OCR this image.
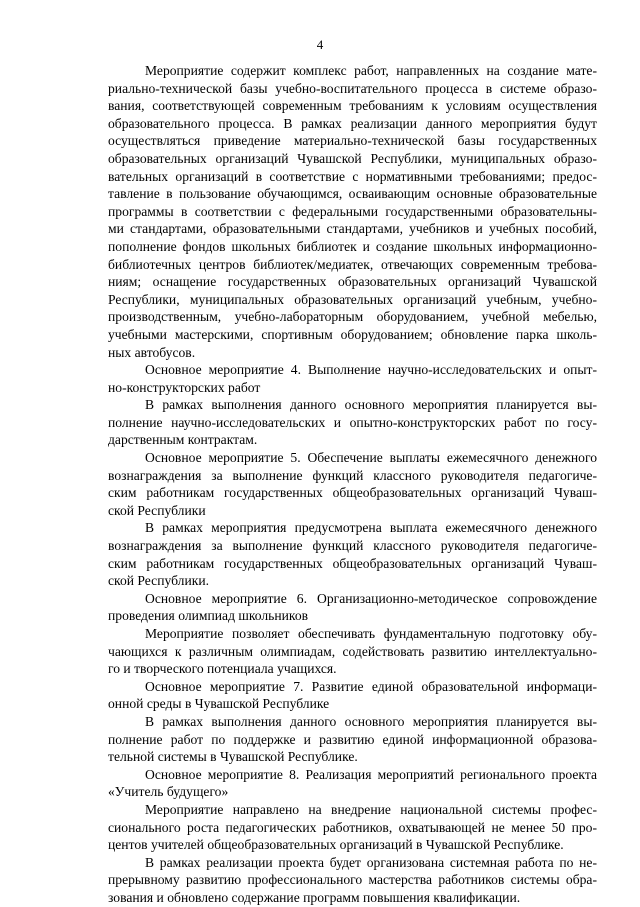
4
Мероприятие содержит комплекс работ, направленных на создание мате-
риально-технической базы учебно-воспитательного процесса в системе образо-
вания, соответствующей современным требованиям к условиям осуществления
образовательного процесса. В рамках реализации данного мероприятия будут
осуществляться приведение материально-технической базы государственных
образовательных организаций Чувашской Республики, муниципальных образо-
вательных организаций в соответствие с нормативными требованиями; предос-
тавление в пользование обучающимся, осваивающим основные образовательные
программы в соответствии с федеральными государственными образовательны-
ми стандартами, образовательными стандартами, учебников и учебных пособий,
пополнение фондов школьных библиотек и создание школьных информационно-
библиотечных центров библиотек/медиатек, отвечающих современным требова-
ниям; оснащение государственных образовательных организаций Чувашской
Республики, муниципальных образовательных организаций учебным, учебно-
производственным, учебно-лабораторным оборудованием, учебной мебелью,
учебными мастерскими, спортивным оборудованием; обновление парка школь-
ных автобусов.
Основное мероприятие 4. Выполнение научно-исследовательских и опыт-
но-конструкторских работ
В рамках выполнения данного основного мероприятия планируется вы-
полнение научно-исследовательских и опытно-конструкторских работ по госу-
дарственным контрактам.
Основное мероприятие 5. Обеспечение выплаты ежемесячного денежного
вознаграждения за выполнение функций классного руководителя педагогиче-
ским работникам государственных общеобразовательных организаций Чуваш-
ской Республики
В рамках мероприятия предусмотрена выплата ежемесячного денежного
вознаграждения за выполнение функций классного руководителя педагогиче-
ским работникам государственных общеобразовательных организаций Чуваш-
ской Республики.
Основное мероприятие 6. Организационно-методическое сопровождение
проведения олимпиад школьников
Мероприятие позволяет обеспечивать фундаментальную подготовку обу-
чающихся к различным олимпиадам, содействовать развитию интеллектуально-
го и творческого потенциала учащихся.
Основное мероприятие 7. Развитие единой образовательной информаци-
онной среды в Чувашской Республике
В рамках выполнения данного основного мероприятия планируется вы-
полнение работ по поддержке и развитию единой информационной образова-
тельной системы в Чувашской Республике.
Основное мероприятие 8. Реализация мероприятий регионального проекта
«Учитель будущего»
Мероприятие направлено на внедрение национальной системы профес-
сионального роста педагогических работников, охватывающей не менее 50 про-
центов учителей общеобразовательных организаций в Чувашской Республике.
В рамках реализации проекта будет организована системная работа по не-
прерывному развитию профессионального мастерства работников системы обра-
зования и обновлено содержание программ повышения квалификации.
